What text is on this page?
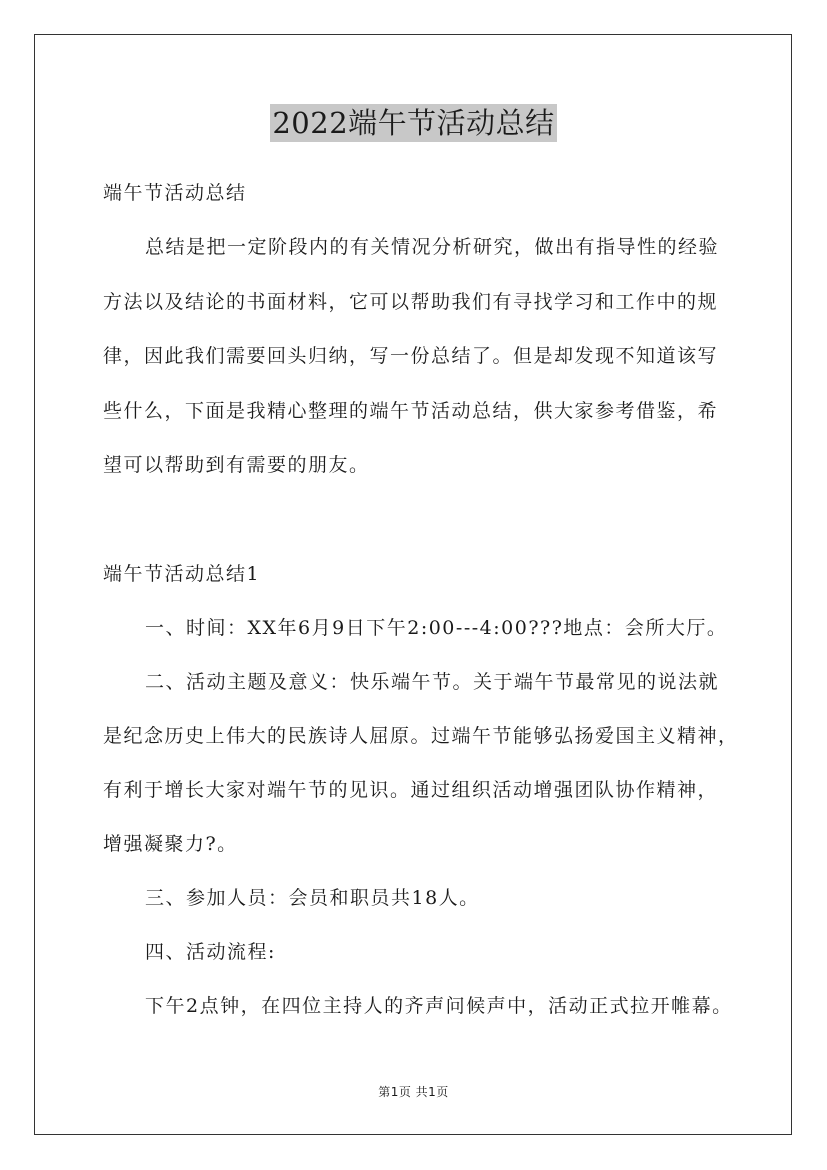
2022端午节活动总结
端午节活动总结
总结是把一定阶段内的有关情况分析研究，做出有指导性的经验
方法以及结论的书面材料，它可以帮助我们有寻找学习和工作中的规
律，因此我们需要回头归纳，写一份总结了。但是却发现不知道该写
些什么，下面是我精心整理的端午节活动总结，供大家参考借鉴，希
望可以帮助到有需要的朋友。
端午节活动总结1
一、时间：XX年6月9日下午2:00---4:00???地点：会所大厅。
二、活动主题及意义：快乐端午节。关于端午节最常见的说法就
是纪念历史上伟大的民族诗人屈原。过端午节能够弘扬爱国主义精神，
有利于增长大家对端午节的见识。通过组织活动增强团队协作精神，
增强凝聚力?。
三、参加人员：会员和职员共18人。
四、活动流程:
下午2点钟，在四位主持人的齐声问候声中，活动正式拉开帷幕。
第1页 共1页
